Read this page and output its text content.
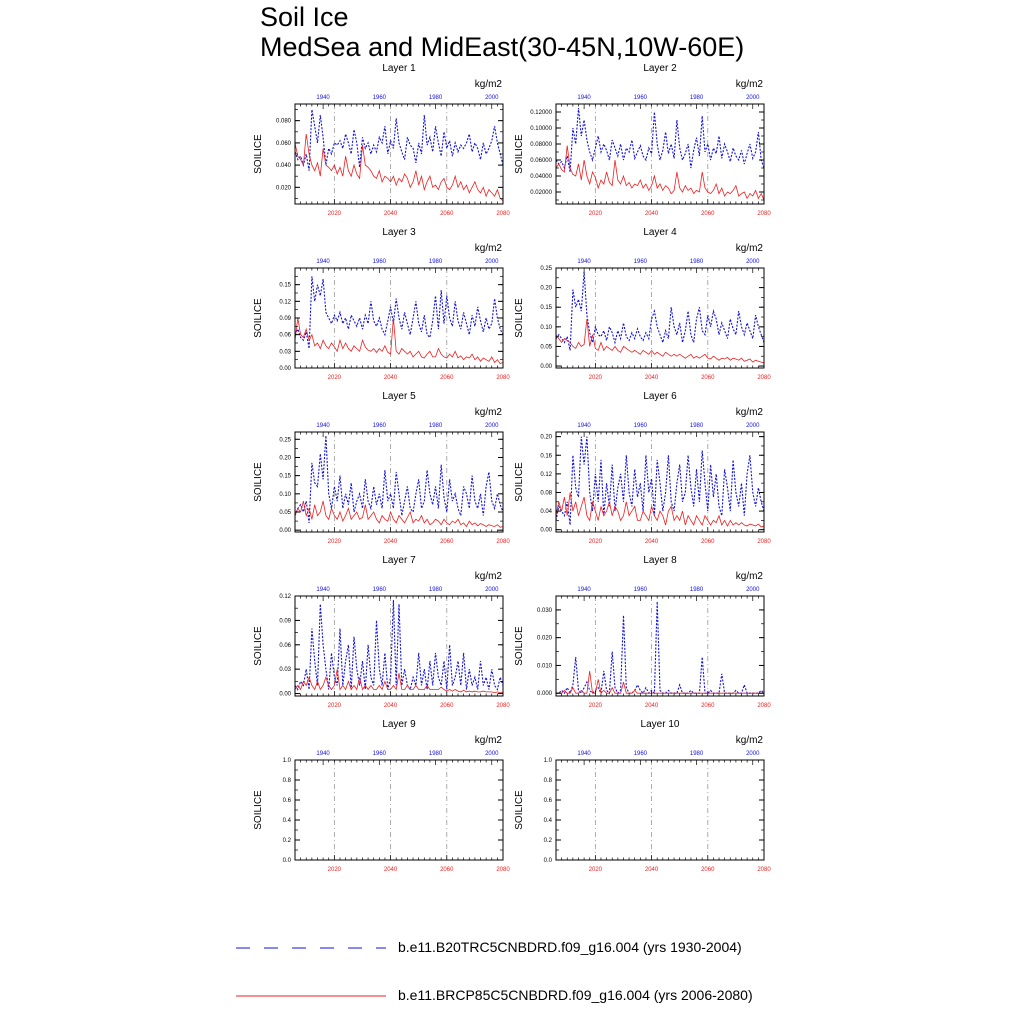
Soil Ice
MedSea and MidEast(30-45N,10W-60E)
Layer 1
kg/m2
SOILICE
0.020
0.040
0.060
0.080
2020	2040	2060	2080
1940	1960	1980	2000
Layer 2
kg/m2
SOILICE
0.02000
0.04000
0.06000
0.08000
0.10000
0.12000
2020	2040	2060	2080
1940	1960	1980	2000
Layer 3
kg/m2
SOILICE
0.00
0.03
0.06
0.09
0.12
0.15
2020	2040	2060	2080
1940	1960	1980	2000
Layer 4
kg/m2
SOILICE
0.00
0.05
0.10
0.15
0.20
0.25
2020	2040	2060	2080
1940	1960	1980	2000
Layer 5
kg/m2
SOILICE
0.00
0.05
0.10
0.15
0.20
0.25
2020	2040	2060	2080
1940	1960	1980	2000
Layer 6
kg/m2
SOILICE
0.00
0.04
0.08
0.12
0.16
0.20
2020	2040	2060	2080
1940	1960	1980	2000
Layer 7
kg/m2
SOILICE
0.00
0.03
0.06
0.09
0.12
2020	2040	2060	2080
1940	1960	1980	2000
Layer 8
kg/m2
SOILICE
0.000
0.010
0.020
0.030
2020	2040	2060	2080
1940	1960	1980	2000
Layer 9
kg/m2
SOILICE
0.0
0.2
0.4
0.6
0.8
1.0
2020	2040	2060	2080
1940	1960	1980	2000
Layer 10
kg/m2
SOILICE
0.0
0.2
0.4
0.6
0.8
1.0
2020	2040	2060	2080
1940	1960	1980	2000
b.e11.B20TRC5CNBDRD.f09_g16.004 (yrs 1930-2004)
b.e11.BRCP85C5CNBDRD.f09_g16.004 (yrs 2006-2080)
